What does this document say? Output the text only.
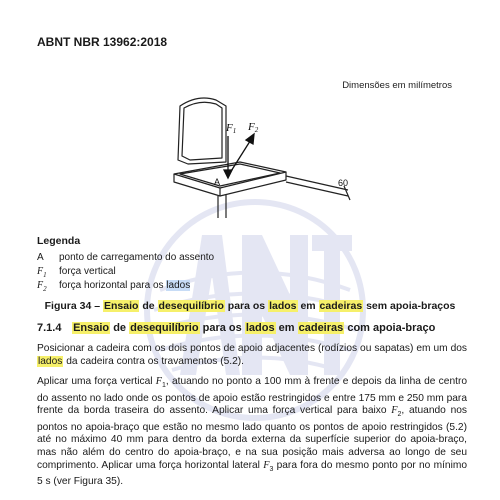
ABNT NBR 13962:2018
Dimensões em milímetros
F1 F2
A	60
Legenda
A	ponto de carregamento do assento
$F_1$	força vertical
$F_2$	força horizontal para os lados
Figura 34 – Ensaio de desequilíbrio para os lados em cadeiras sem apoia-braços
7.1.4 Ensaio de desequilíbrio para os lados em cadeiras com apoia-braço
Posicionar a cadeira com os dois pontos de apoio adjacentes (rodízios ou sapatas) em um dos lados da cadeira contra os travamentos (5.2).
Aplicar uma força vertical $F_1$, atuando no ponto a 100 mm à frente e depois da linha de centro do assento no lado onde os pontos de apoio estão restringidos e entre 175 mm e 250 mm para frente da borda traseira do assento. Aplicar uma força vertical para baixo $F_2$, atuando nos pontos no apoia-braço que estão no mesmo lado quanto os pontos de apoio restringidos (5.2) até no máximo 40 mm para dentro da borda externa da superfície superior do apoia-braço, mas não além do centro do apoia-braço, e na sua posição mais adversa ao longo de seu comprimento. Aplicar uma força horizontal lateral $F_3$ para fora do mesmo ponto por no mínimo 5 s (ver Figura 35).
